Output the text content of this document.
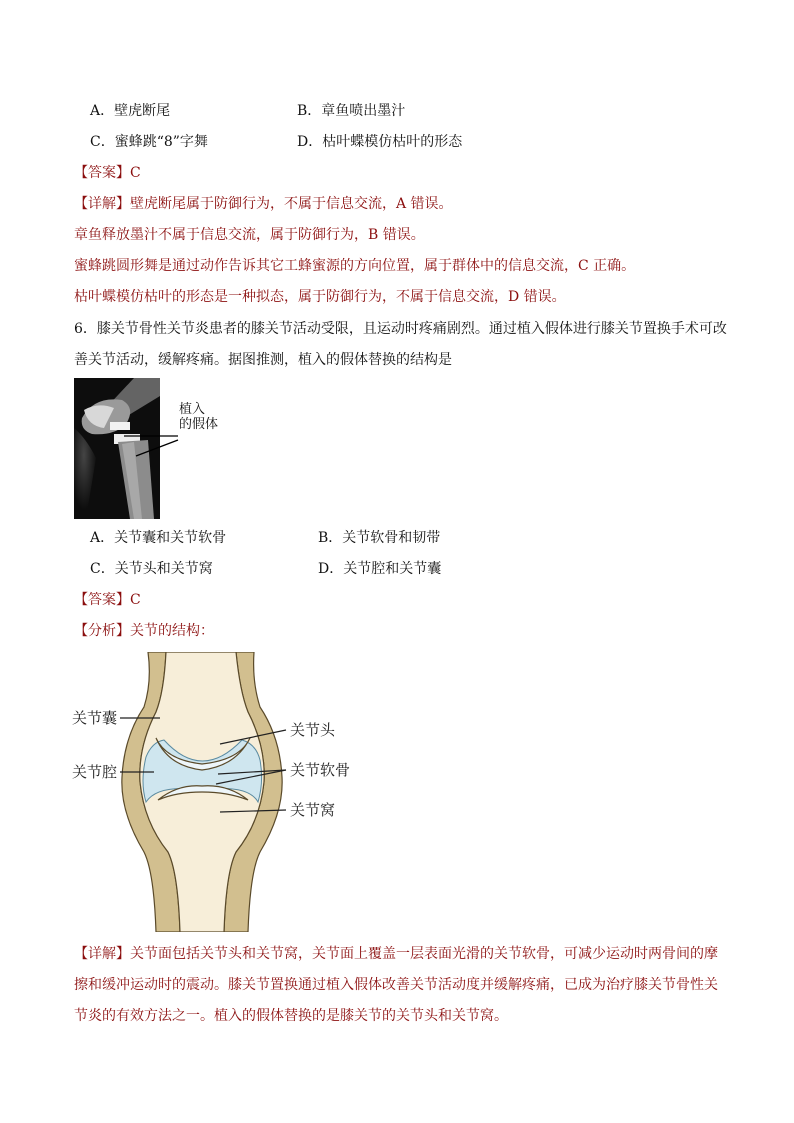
A．壁虎断尾	B．章鱼喷出墨汁
C．蜜蜂跳“8”字舞	D．枯叶蝶模仿枯叶的形态
【答案】C
【详解】壁虎断尾属于防御行为，不属于信息交流，A 错误。
章鱼释放墨汁不属于信息交流，属于防御行为，B 错误。
蜜蜂跳圆形舞是通过动作告诉其它工蜂蜜源的方向位置，属于群体中的信息交流，C 正确。
枯叶蝶模仿枯叶的形态是一种拟态，属于防御行为，不属于信息交流，D 错误。
6．膝关节骨性关节炎患者的膝关节活动受限，且运动时疼痛剧烈。通过植入假体进行膝关节置换手术可改
善关节活动，缓解疼痛。据图推测，植入的假体替换的结构是
植入
的假体
A．关节囊和关节软骨	B．关节软骨和韧带
C．关节头和关节窝	D．关节腔和关节囊
【答案】C
【分析】关节的结构：
关节囊
关节腔
关节头
关节软骨
关节窝
【详解】关节面包括关节头和关节窝，关节面上覆盖一层表面光滑的关节软骨，可减少运动时两骨间的摩
擦和缓冲运动时的震动。膝关节置换通过植入假体改善关节活动度并缓解疼痛，已成为治疗膝关节骨性关
节炎的有效方法之一。植入的假体替换的是膝关节的关节头和关节窝。
